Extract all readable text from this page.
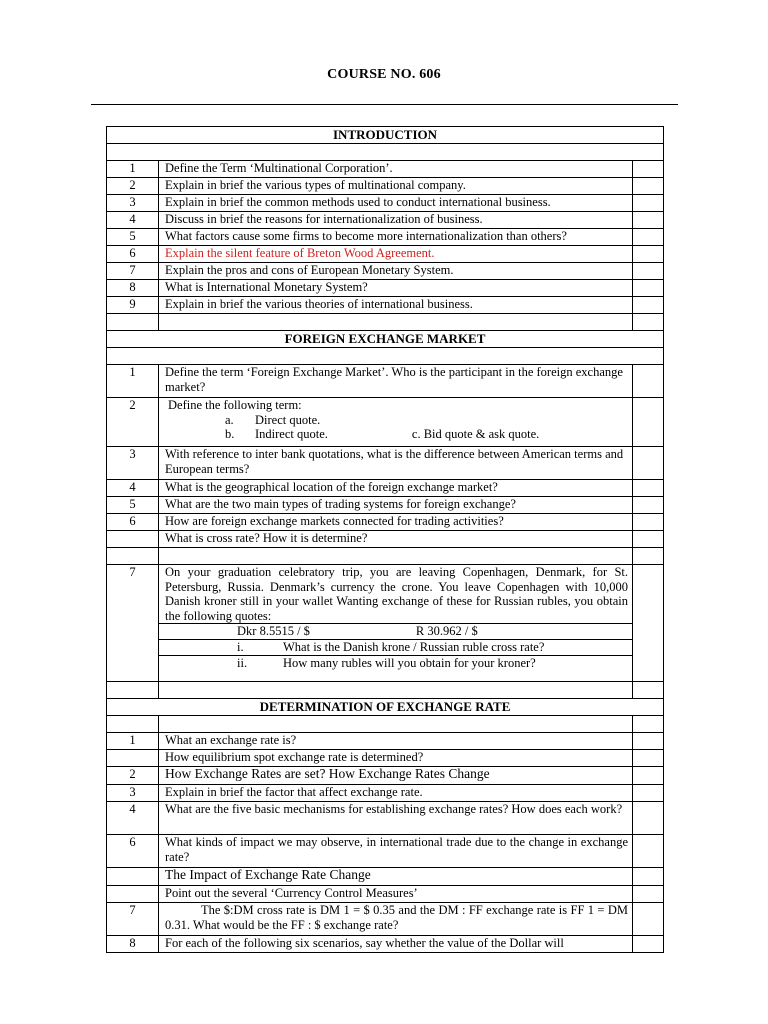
COURSE NO. 606
INTRODUCTION		

1	Define the Term ‘Multinational Corporation’.	
2	Explain in brief the various types of multinational company.	
3	Explain in brief the common methods used to conduct international business.	
4	Discuss in brief the reasons for internationalization of business.	
5	What factors cause some firms to become more internationalization than others?	
6	Explain the silent feature of Breton Wood Agreement.	
7	Explain the pros and cons of European Monetary System.	
8	What is International Monetary System?	
9	Explain in brief the various theories of international business.	

FOREIGN EXCHANGE MARKET		

1	Define the term ‘Foreign Exchange Market’. Who is the participant in the foreign exchange market?	
2	Define the following term:
a. Direct quote.
b. Indirect quote. c. Bid quote & ask quote.	

3	With reference to inter bank quotations, what is the difference between American terms and European terms?	
4	What is the geographical location of the foreign exchange market?	
5	What are the two main types of trading systems for foreign exchange?	
6	How are foreign exchange markets connected for trading activities?	
	What is cross rate? How it is determine?	

7	On your graduation celebratory trip, you are leaving Copenhagen, Denmark, for St. Petersburg, Russia. Denmark’s currency the crone. You leave Copenhagen with 10,000 Danish kroner still in your wallet Wanting exchange of these for Russian rubles, you obtain the following quotes:
Dkr 8.5515 / $ R 30.962 / $
i. What is the Danish krone / Russian ruble cross rate?
ii. How many rubles will you obtain for your kroner?	

DETERMINATION OF EXCHANGE RATE		

1	What an exchange rate is?	
	How equilibrium spot exchange rate is determined?	
2	How Exchange Rates are set? How Exchange Rates Change	
3	Explain in brief the factor that affect exchange rate.	
4	What are the five basic mechanisms for establishing exchange rates? How does each work?	
6	What kinds of impact we may observe, in international trade due to the change in exchange rate?	
	The Impact of Exchange Rate Change	
	Point out the several ‘Currency Control Measures’	
7	The $:DM cross rate is DM 1 = $ 0.35 and the DM : FF exchange rate is FF 1 = DM 0.31. What would be the FF : $ exchange rate?	
8	For each of the following six scenarios, say whether the value of the Dollar will	
